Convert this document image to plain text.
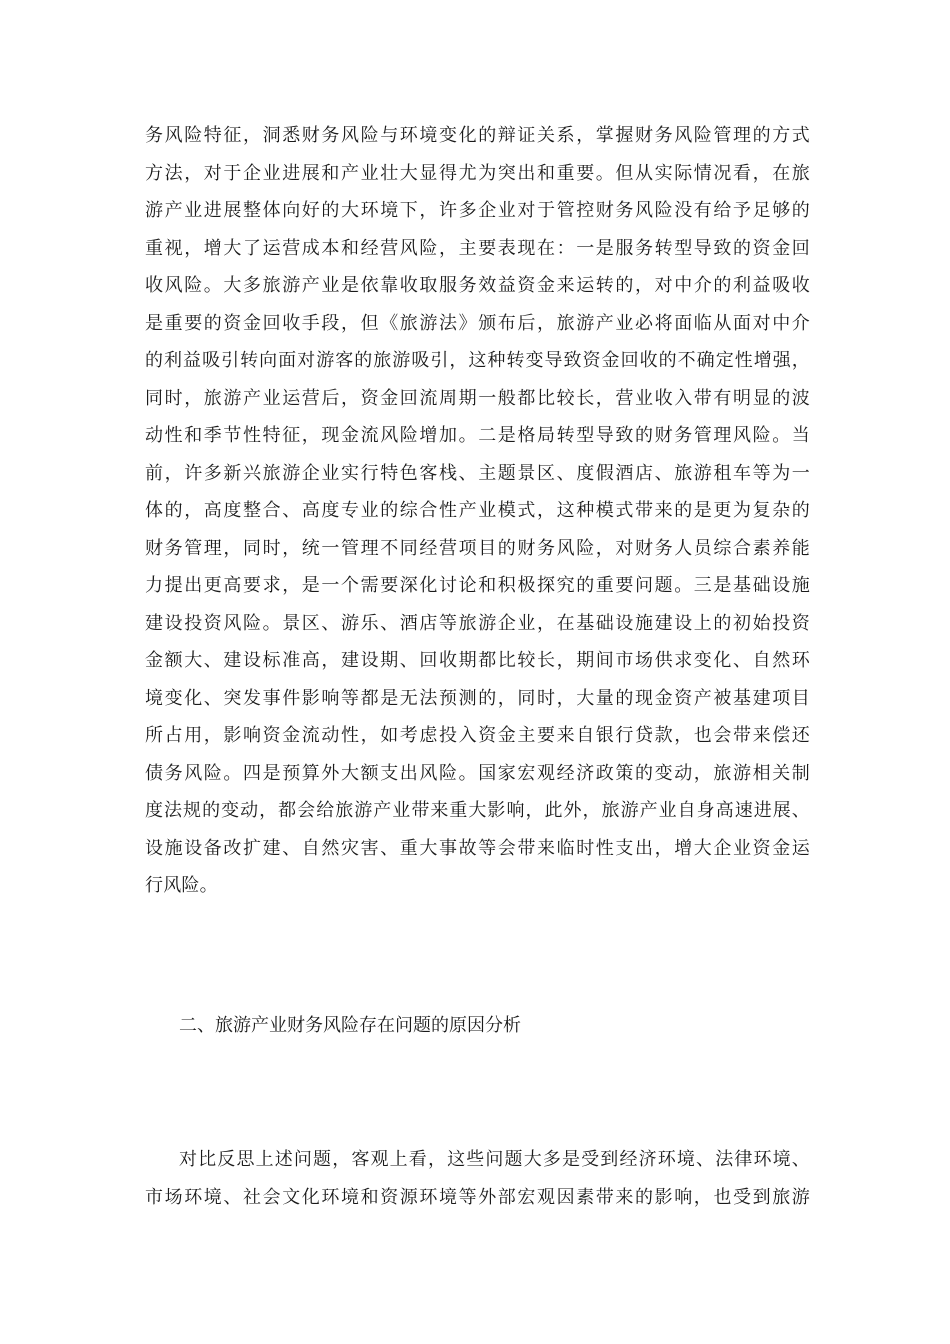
务风险特征，洞悉财务风险与环境变化的辩证关系，掌握财务风险管理的方式
方法，对于企业进展和产业壮大显得尤为突出和重要。但从实际情况看，在旅
游产业进展整体向好的大环境下，许多企业对于管控财务风险没有给予足够的
重视，增大了运营成本和经营风险，主要表现在：一是服务转型导致的资金回
收风险。大多旅游产业是依靠收取服务效益资金来运转的，对中介的利益吸收
是重要的资金回收手段，但《旅游法》颁布后，旅游产业必将面临从面对中介
的利益吸引转向面对游客的旅游吸引，这种转变导致资金回收的不确定性增强，
同时，旅游产业运营后，资金回流周期一般都比较长，营业收入带有明显的波
动性和季节性特征，现金流风险增加。二是格局转型导致的财务管理风险。当
前，许多新兴旅游企业实行特色客栈、主题景区、度假酒店、旅游租车等为一
体的，高度整合、高度专业的综合性产业模式，这种模式带来的是更为复杂的
财务管理，同时，统一管理不同经营项目的财务风险，对财务人员综合素养能
力提出更高要求，是一个需要深化讨论和积极探究的重要问题。三是基础设施
建设投资风险。景区、游乐、酒店等旅游企业，在基础设施建设上的初始投资
金额大、建设标准高，建设期、回收期都比较长，期间市场供求变化、自然环
境变化、突发事件影响等都是无法预测的，同时，大量的现金资产被基建项目
所占用，影响资金流动性，如考虑投入资金主要来自银行贷款，也会带来偿还
债务风险。四是预算外大额支出风险。国家宏观经济政策的变动，旅游相关制
度法规的变动，都会给旅游产业带来重大影响，此外，旅游产业自身高速进展、
设施设备改扩建、自然灾害、重大事故等会带来临时性支出，增大企业资金运
行风险。
二、旅游产业财务风险存在问题的原因分析
对比反思上述问题，客观上看，这些问题大多是受到经济环境、法律环境、
市场环境、社会文化环境和资源环境等外部宏观因素带来的影响，也受到旅游
